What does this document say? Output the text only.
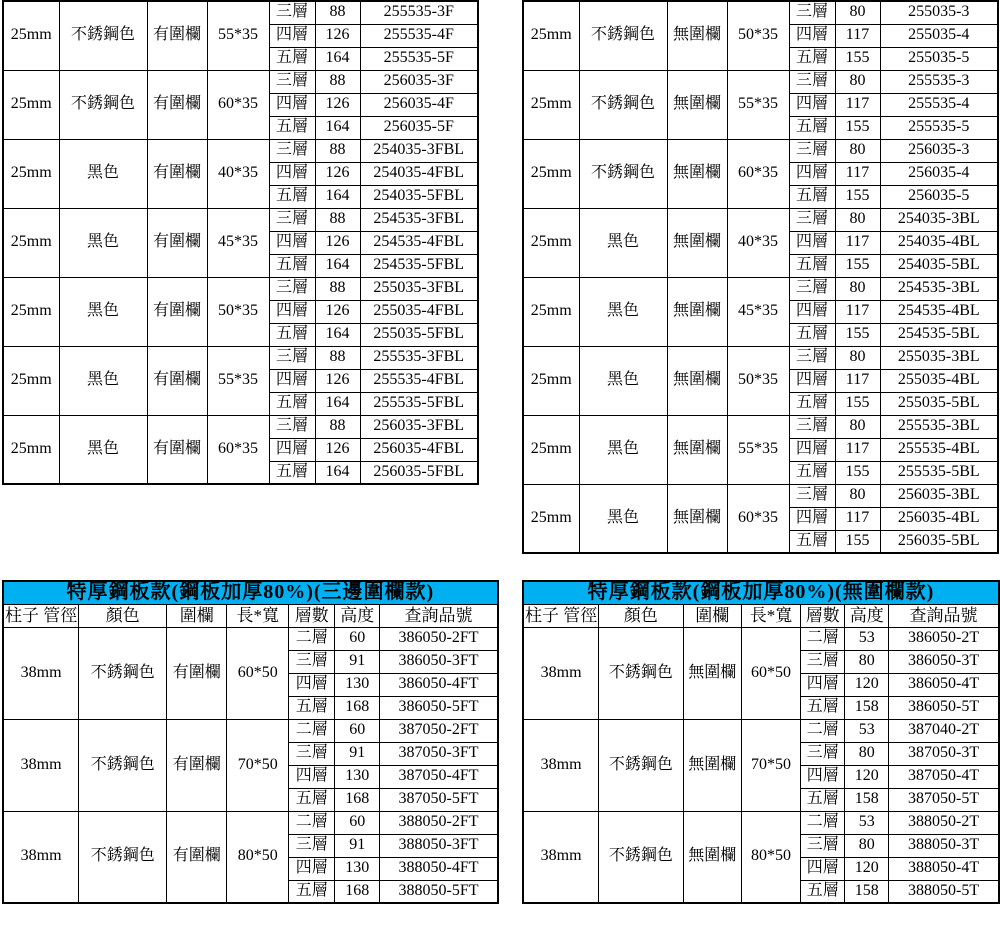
25mm	不銹鋼色	有圍欄	55*35	三層	88	255535-3F
				四層	126	255535-4F
				五層	164	255535-5F
25mm	不銹鋼色	有圍欄	60*35	三層	88	256035-3F
				四層	126	256035-4F
				五層	164	256035-5F
25mm	黑色	有圍欄	40*35	三層	88	254035-3FBL
				四層	126	254035-4FBL
				五層	164	254035-5FBL
25mm	黑色	有圍欄	45*35	三層	88	254535-3FBL
				四層	126	254535-4FBL
				五層	164	254535-5FBL
25mm	黑色	有圍欄	50*35	三層	88	255035-3FBL
				四層	126	255035-4FBL
				五層	164	255035-5FBL
25mm	黑色	有圍欄	55*35	三層	88	255535-3FBL
				四層	126	255535-4FBL
				五層	164	255535-5FBL
25mm	黑色	有圍欄	60*35	三層	88	256035-3FBL
				四層	126	256035-4FBL
				五層	164	256035-5FBL
25mm	不銹鋼色	無圍欄	50*35	三層	80	255035-3
				四層	117	255035-4
				五層	155	255035-5
25mm	不銹鋼色	無圍欄	55*35	三層	80	255535-3
				四層	117	255535-4
				五層	155	255535-5
25mm	不銹鋼色	無圍欄	60*35	三層	80	256035-3
				四層	117	256035-4
				五層	155	256035-5
25mm	黑色	無圍欄	40*35	三層	80	254035-3BL
				四層	117	254035-4BL
				五層	155	254035-5BL
25mm	黑色	無圍欄	45*35	三層	80	254535-3BL
				四層	117	254535-4BL
				五層	155	254535-5BL
25mm	黑色	無圍欄	50*35	三層	80	255035-3BL
				四層	117	255035-4BL
				五層	155	255035-5BL
25mm	黑色	無圍欄	55*35	三層	80	255535-3BL
				四層	117	255535-4BL
				五層	155	255535-5BL
25mm	黑色	無圍欄	60*35	三層	80	256035-3BL
				四層	117	256035-4BL
				五層	155	256035-5BL
特厚鋼板款(鋼板加厚80%)(三邊圍欄款)						
柱子 管徑	顏色	圍欄	長*寬	層數	高度	查詢品號
38mm	不銹鋼色	有圍欄	60*50	二層	60	386050-2FT
				三層	91	386050-3FT
				四層	130	386050-4FT
				五層	168	386050-5FT
38mm	不銹鋼色	有圍欄	70*50	二層	60	387050-2FT
				三層	91	387050-3FT
				四層	130	387050-4FT
				五層	168	387050-5FT
38mm	不銹鋼色	有圍欄	80*50	二層	60	388050-2FT
				三層	91	388050-3FT
				四層	130	388050-4FT
				五層	168	388050-5FT
特厚鋼板款(鋼板加厚80%)(無圍欄款)						
柱子 管徑	顏色	圍欄	長*寬	層數	高度	查詢品號
38mm	不銹鋼色	無圍欄	60*50	二層	53	386050-2T
				三層	80	386050-3T
				四層	120	386050-4T
				五層	158	386050-5T
38mm	不銹鋼色	無圍欄	70*50	二層	53	387040-2T
				三層	80	387050-3T
				四層	120	387050-4T
				五層	158	387050-5T
38mm	不銹鋼色	無圍欄	80*50	二層	53	388050-2T
				三層	80	388050-3T
				四層	120	388050-4T
				五層	158	388050-5T
